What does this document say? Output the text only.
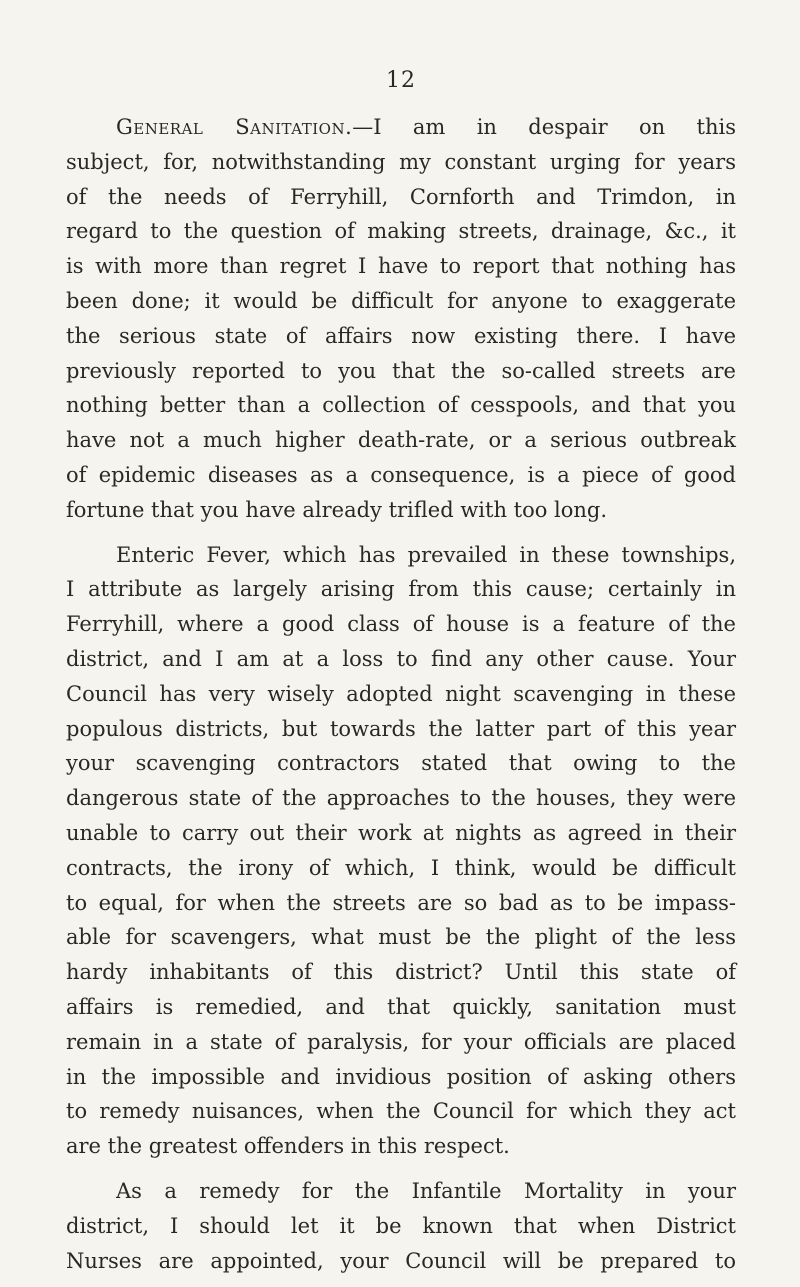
12

General Sanitation.—I am in despair on this
subject, for, notwithstanding my constant urging for years
of the needs of Ferryhill, Cornforth and Trimdon, in
regard to the question of making streets, drainage, &c., it
is with more than regret I have to report that nothing has
been done; it would be difficult for anyone to exaggerate
the serious state of affairs now existing there. I have
previously reported to you that the so-called streets are
nothing better than a collection of cesspools, and that you
have not a much higher death-rate, or a serious outbreak
of epidemic diseases as a consequence, is a piece of good
fortune that you have already trifled with too long.

Enteric Fever, which has prevailed in these townships,
I attribute as largely arising from this cause; certainly in
Ferryhill, where a good class of house is a feature of the
district, and I am at a loss to find any other cause. Your
Council has very wisely adopted night scavenging in these
populous districts, but towards the latter part of this year
your scavenging contractors stated that owing to the
dangerous state of the approaches to the houses, they were
unable to carry out their work at nights as agreed in their
contracts, the irony of which, I think, would be difficult
to equal, for when the streets are so bad as to be impass-
able for scavengers, what must be the plight of the less
hardy inhabitants of this district? Until this state of
affairs is remedied, and that quickly, sanitation must
remain in a state of paralysis, for your officials are placed
in the impossible and invidious position of asking others
to remedy nuisances, when the Council for which they act
are the greatest offenders in this respect.

As a remedy for the Infantile Mortality in your
district, I should let it be known that when District
Nurses are appointed, your Council will be prepared to
